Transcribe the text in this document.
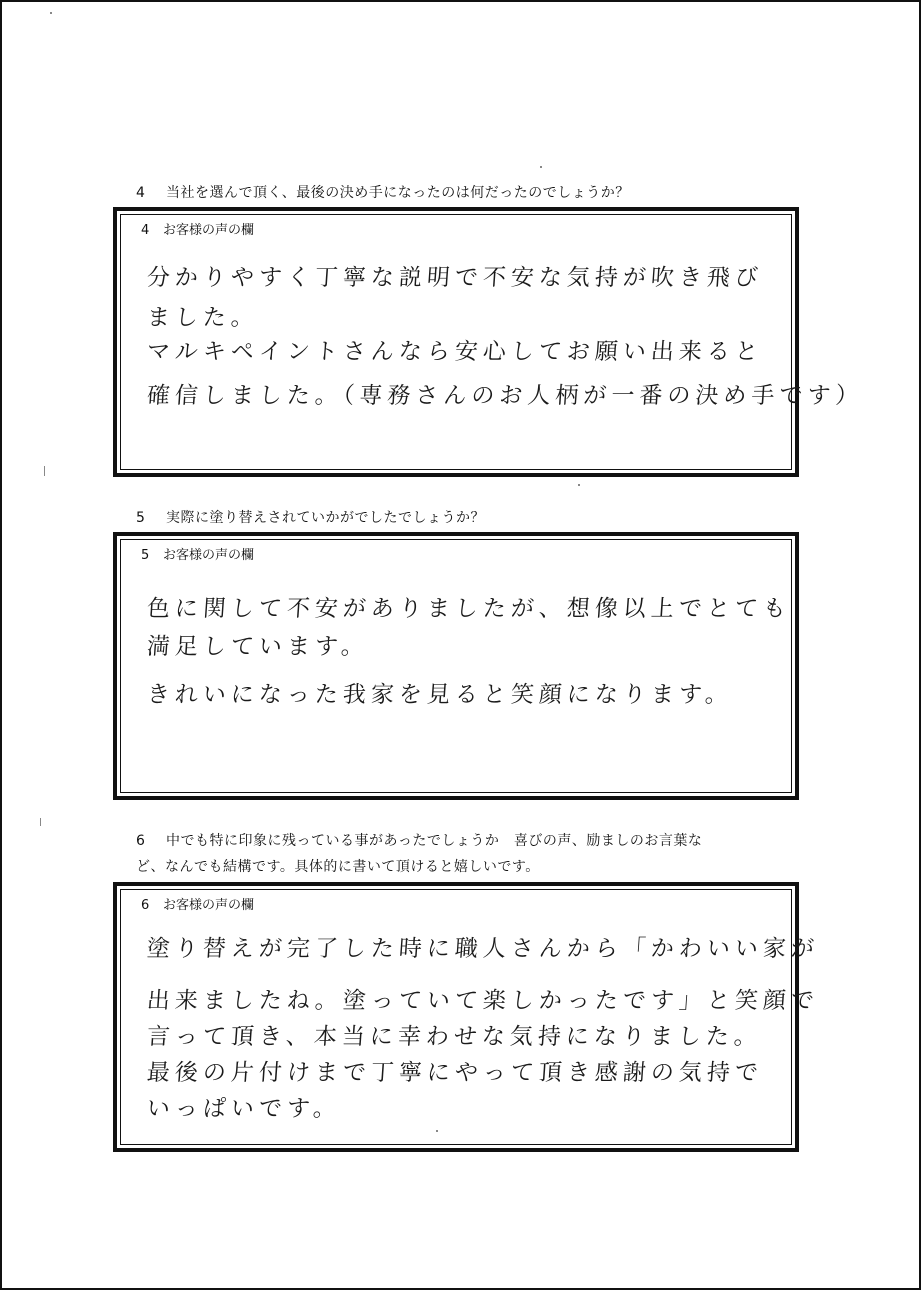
4 当社を選んで頂く、最後の決め手になったのは何だったのでしょうか？
4 お客様の声の欄
分かりやすく丁寧な説明で不安な気持が吹き飛び
ました。
マルキペイントさんなら安心してお願い出来ると
確信しました。（専務さんのお人柄が一番の決め手です）
5 実際に塗り替えされていかがでしたでしょうか？
5 お客様の声の欄
色に関して不安がありましたが、想像以上でとても
満足しています。
きれいになった我家を見ると笑顔になります。
6 中でも特に印象に残っている事があったでしょうか　喜びの声、励ましのお言葉な
ど、なんでも結構です。具体的に書いて頂けると嬉しいです。
6 お客様の声の欄
塗り替えが完了した時に職人さんから「かわいい家が
出来ましたね。塗っていて楽しかったです」と笑顔で
言って頂き、本当に幸わせな気持になりました。
最後の片付けまで丁寧にやって頂き感謝の気持で
いっぱいです。
